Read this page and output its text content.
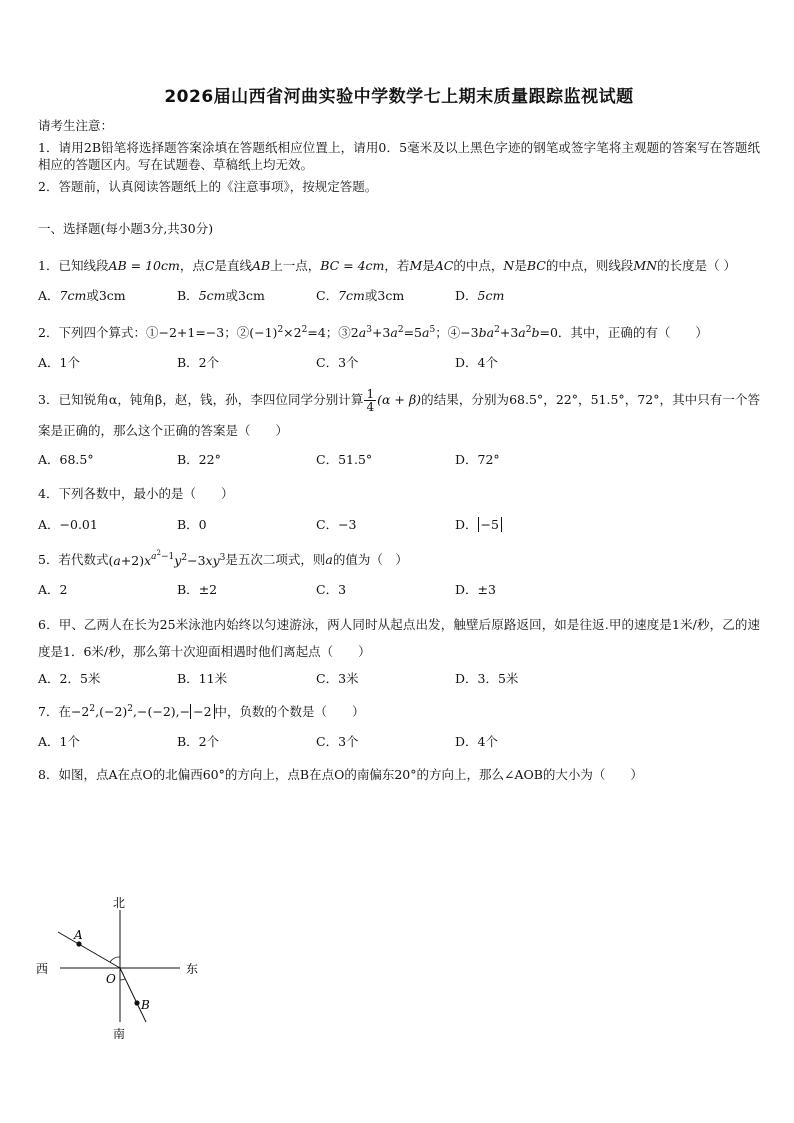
2026届山西省河曲实验中学数学七上期末质量跟踪监视试题

请考生注意：

1．请用2B铅笔将选择题答案涂填在答题纸相应位置上，请用0．5毫米及以上黑色字迹的钢笔或签字笔将主观题的答案写在答题纸相应的答题区内。写在试题卷、草稿纸上均无效。

2．答题前，认真阅读答题纸上的《注意事项》，按规定答题。

一、选择题(每小题3分,共30分)
1．已知线段AB = 10cm，点C是直线AB上一点，BC = 4cm，若M是AC的中点，N是BC的中点，则线段MN的长度是（ ）
A．7cm或3cm	B．5cm或3cm	C．7cm或3cm	D．5cm
2．下列四个算式：①−2+1=−3；$②(-1)^2\times 2^2=4$；$③2a^3+3a^2=5a^5$；$④-3ba^2+3a^2b=0$．其中，正确的有（　　）
A．1个	B．2个	C．3个	D．4个
3．已知锐角α，钝角β，赵，钱，孙，李四位同学分别计算 $\frac{1}{4} (\alpha + \beta)$的结果，分别为68.5°，22°，51.5°，72°，其中只有一个答案是正确的，那么这个正确的答案是（　　）
A．68.5°	B．22°	C．51.5°	D．72°
4．下列各数中，最小的是（　　）
A．−0.01	B．0	C．−3	D． −5
5．若代数式$(a+2)x^{a^2-1}y^2-3xy^3$是五次二项式，则a的值为（　）
A．2	B．±2	C．3	D．±3
6．甲、乙两人在长为25米泳池内始终以匀速游泳，两人同时从起点出发，触壁后原路返回，如是往返.甲的速度是1米/秒，乙的速度是1．6米/秒，那么第十次迎面相遇时他们离起点（　　）
A．2．5米	B．11米	C．3米	D．3．5米
7．在$-2^2,(-2)^2,-(-2),- -2$ 中，负数的个数是（　　）
A．1个	B．2个	C．3个	D．4个
8．如图，点A在点O的北偏西60°的方向上，点B在点O的南偏东20°的方向上，那么∠AOB的大小为（　　）
北
南
西	东
A
B
O
